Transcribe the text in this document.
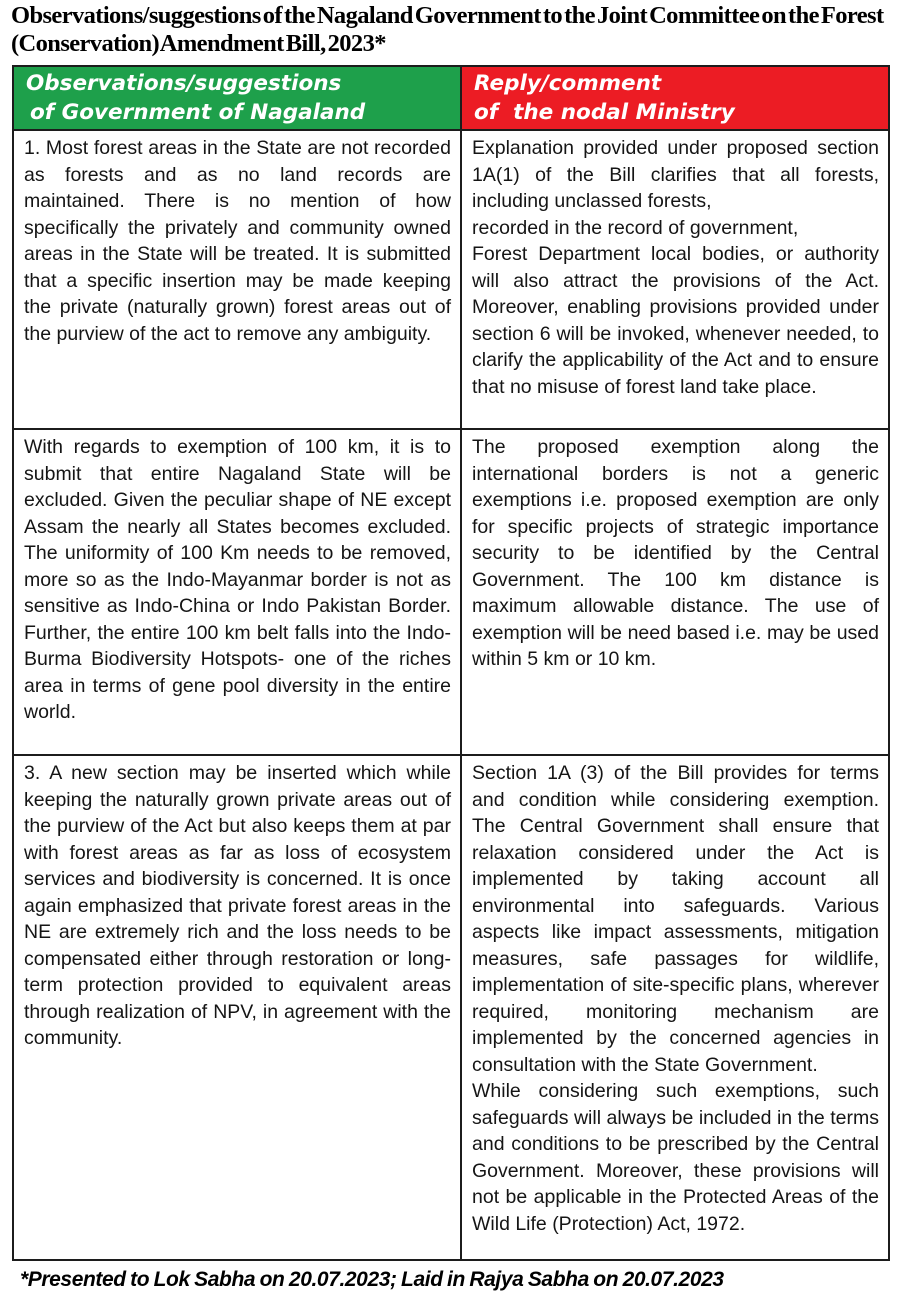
Observations/suggestions of the Nagaland Government to the Joint Committee on the Forest (Conservation) Amendment Bill, 2023*
Observations/suggestions
of Government of Nagaland
Reply/comment
of  the nodal Ministry

1. Most forest areas in the State are not recorded as forests and as no land records are maintained. There is no mention of how specifically the privately and community owned areas in the State will be treated. It is submitted that a specific insertion may be made keeping the private (naturally grown) forest areas out of the purview of the act to remove any ambiguity.

Explanation provided under proposed section 1A(1) of the Bill clarifies that all forests, including unclassed forests,

recorded in the record of government,

Forest Department local bodies, or authority will also attract the provisions of the Act. Moreover, enabling provisions provided under section 6 will be invoked, whenever needed, to clarify the applicability of the Act and to ensure that no misuse of forest land take place.

With regards to exemption of 100 km, it is to submit that entire Nagaland State will be excluded. Given the peculiar shape of NE except Assam the nearly all States becomes excluded. The uniformity of 100 Km needs to be removed, more so as the Indo-Mayanmar border is not as sensitive as Indo-China or Indo Pakistan Border. Further, the entire 100 km belt falls into the Indo-Burma Biodiversity Hotspots- one of the riches area in terms of gene pool diversity in the entire world.

The proposed exemption along the international borders is not a generic exemptions i.e. proposed exemption are only for specific projects of strategic importance security to be identified by the Central Government. The 100 km distance is maximum allowable distance. The use of exemption will be need based i.e. may be used within 5 km or 10 km.

3. A new section may be inserted which while keeping the naturally grown private areas out of the purview of the Act but also keeps them at par with forest areas as far as loss of ecosystem services and biodiversity is concerned. It is once again emphasized that private forest areas in the NE are extremely rich and the loss needs to be compensated either through restoration or long- term protection provided to equivalent areas through realization of NPV, in agreement with the community.

Section 1A (3) of the Bill provides for terms and condition while considering exemption. The Central Government shall ensure that relaxation considered under the Act is implemented by taking account all environmental into safeguards. Various aspects like impact assessments, mitigation measures, safe passages for wildlife, implementation of site-specific plans, wherever required, monitoring mechanism are implemented by the concerned agencies in consultation with the State Government.

While considering such exemptions, such safeguards will always be included in the terms and conditions to be prescribed by the Central Government. Moreover, these provisions will not be applicable in the Protected Areas of the Wild Life (Protection) Act, 1972.

*Presented to Lok Sabha on 20.07.2023; Laid in Rajya Sabha on 20.07.2023
